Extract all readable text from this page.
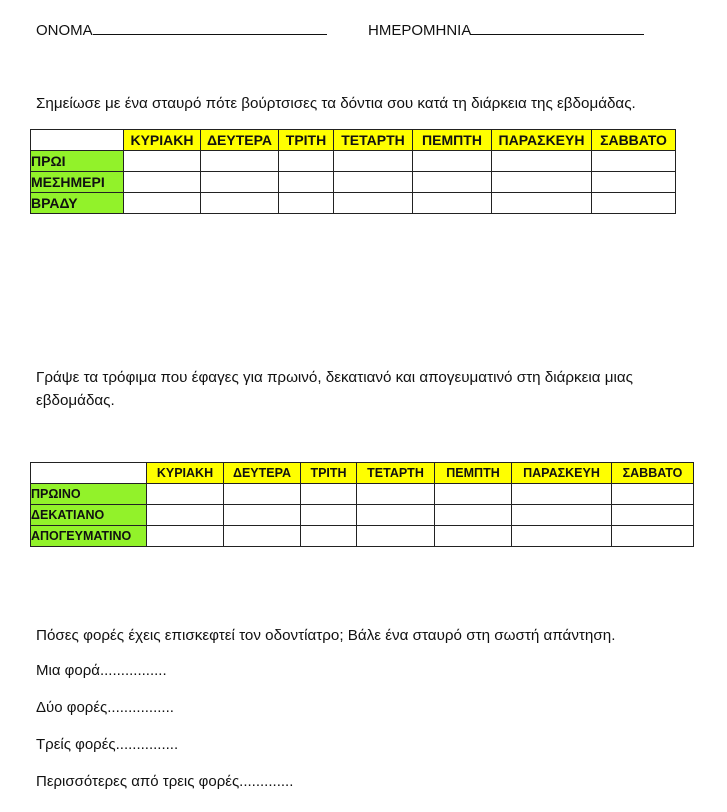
ΟΝΟΜΑ	ΗΜΕΡΟΜΗΝΙΑ
Σημείωσε με ένα σταυρό πότε βούρτσισες τα δόντια σου κατά τη διάρκεια της εβδομάδας.
	ΚΥΡΙΑΚΗ	ΔΕΥΤΕΡΑ	ΤΡΙΤΗ	ΤΕΤΑΡΤΗ	ΠΕΜΠΤΗ	ΠΑΡΑΣΚΕΥΗ	ΣΑΒΒΑΤΟ
ΠΡΩΙ							
ΜΕΣΗΜΕΡΙ							
ΒΡΑΔΥ							
Γράψε τα τρόφιμα που έφαγες για πρωινό, δεκατιανό και απογευματινό στη διάρκεια μιας
εβδομάδας.
	ΚΥΡΙΑΚΗ	ΔΕΥΤΕΡΑ	ΤΡΙΤΗ	ΤΕΤΑΡΤΗ	ΠΕΜΠΤΗ	ΠΑΡΑΣΚΕΥΗ	ΣΑΒΒΑΤΟ
ΠΡΩΙΝΟ							
ΔΕΚΑΤΙΑΝΟ							
ΑΠΟΓΕΥΜΑΤΙΝΟ							
Πόσες φορές έχεις επισκεφτεί τον οδοντίατρο; Βάλε ένα σταυρό στη σωστή απάντηση.
Μια φορά................
Δύο φορές................
Τρείς φορές...............
Περισσότερες από τρεις φορές.............
